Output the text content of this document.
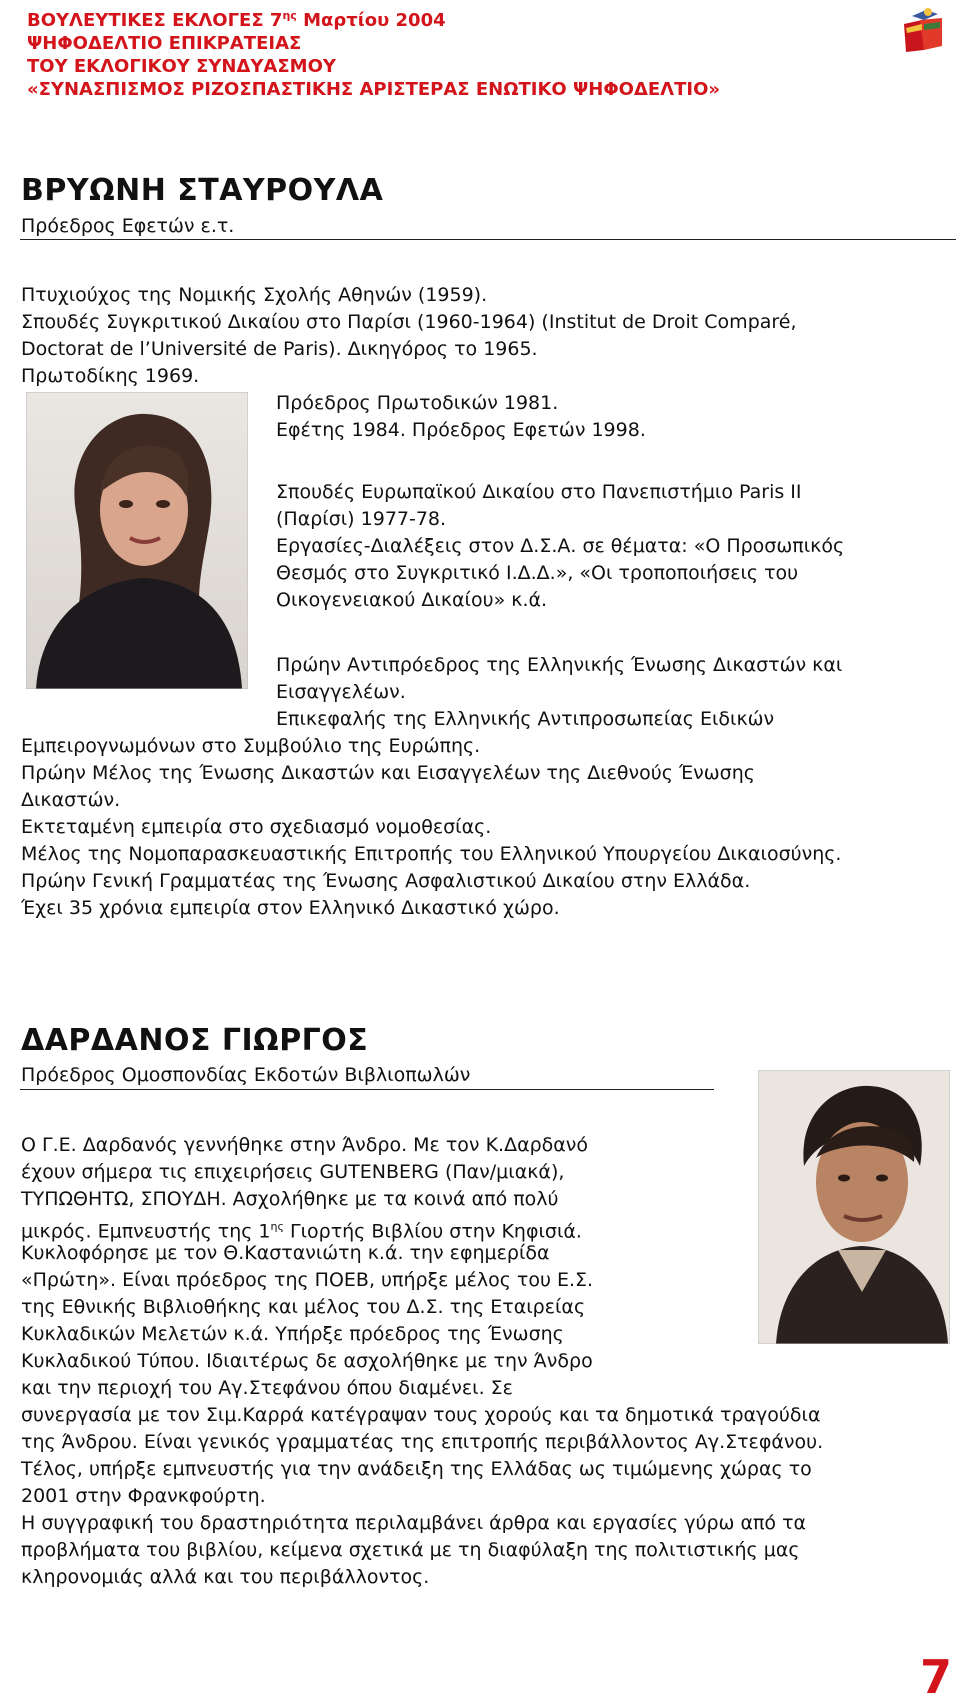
ΒΟΥΛΕΥΤΙΚΕΣ ΕΚΛΟΓΕΣ $7^{\eta\varsigma}$ Μαρτίου 2004
ΨΗΦΟΔΕΛΤΙΟ ΕΠΙΚΡΑΤΕΙΑΣ
ΤΟΥ ΕΚΛΟΓΙΚΟΥ ΣΥΝΔΥΑΣΜΟΥ
«ΣΥΝΑΣΠΙΣΜΟΣ ΡΙΖΟΣΠΑΣΤΙΚΗΣ ΑΡΙΣΤΕΡΑΣ ΕΝΩΤΙΚΟ ΨΗΦΟΔΕΛΤΙΟ»
ΒΡΥΩΝΗ ΣΤΑΥΡΟΥΛΑ
Πρόεδρος Εφετών ε.τ.
Πτυχιούχος της Νομικής Σχολής Αθηνών (1959).
Σπουδές Συγκριτικού Δικαίου στο Παρίσι (1960-1964) (Institut de Droit Comparé,
Doctorat de l’Université de Paris). Δικηγόρος το 1965.
Πρωτοδίκης 1969.
Πρόεδρος Πρωτοδικών 1981.
Εφέτης 1984. Πρόεδρος Εφετών 1998.
Σπουδές Ευρωπαϊκού Δικαίου στο Πανεπιστήμιο Paris II
(Παρίσι) 1977-78.
Εργασίες-Διαλέξεις στον Δ.Σ.Α. σε θέματα: «Ο Προσωπικός
Θεσμός στο Συγκριτικό Ι.Δ.Δ.», «Οι τροποποιήσεις του
Οικογενειακού Δικαίου» κ.ά.
Πρώην Αντιπρόεδρος της Ελληνικής Ένωσης Δικαστών και
Εισαγγελέων.
Επικεφαλής της Ελληνικής Αντιπροσωπείας Ειδικών
Εμπειρογνωμόνων στο Συμβούλιο της Ευρώπης.
Πρώην Μέλος της Ένωσης Δικαστών και Εισαγγελέων της Διεθνούς Ένωσης
Δικαστών.
Εκτεταμένη εμπειρία στο σχεδιασμό νομοθεσίας.
Μέλος της Νομοπαρασκευαστικής Επιτροπής του Ελληνικού Υπουργείου Δικαιοσύνης.
Πρώην Γενική Γραμματέας της Ένωσης Ασφαλιστικού Δικαίου στην Ελλάδα.
Έχει 35 χρόνια εμπειρία στον Ελληνικό Δικαστικό χώρο.
ΔΑΡΔΑΝΟΣ ΓΙΩΡΓΟΣ
Πρόεδρος Ομοσπονδίας Εκδοτών Βιβλιοπωλών
Ο Γ.Ε. Δαρδανός γεννήθηκε στην Άνδρο. Με τον Κ.Δαρδανό
έχουν σήμερα τις επιχειρήσεις GUTENBERG (Παν/μιακά),
ΤΥΠΩΘΗΤΩ, ΣΠΟΥΔΗ. Ασχολήθηκε με τα κοινά από πολύ
μικρός. Εμπνευστής της $1^{\eta\varsigma}$ Γιορτής Βιβλίου στην Κηφισιά.
Κυκλοφόρησε με τον Θ.Καστανιώτη κ.ά. την εφημερίδα
«Πρώτη». Είναι πρόεδρος της ΠΟΕΒ, υπήρξε μέλος του Ε.Σ.
της Εθνικής Βιβλιοθήκης και μέλος του Δ.Σ. της Εταιρείας
Κυκλαδικών Μελετών κ.ά. Υπήρξε πρόεδρος της Ένωσης
Κυκλαδικού Τύπου. Ιδιαιτέρως δε ασχολήθηκε με την Άνδρο
και την περιοχή του Αγ.Στεφάνου όπου διαμένει. Σε
συνεργασία με τον Σιμ.Καρρά κατέγραψαν τους χορούς και τα δημοτικά τραγούδια
της Άνδρου. Είναι γενικός γραμματέας της επιτροπής περιβάλλοντος Αγ.Στεφάνου.
Τέλος, υπήρξε εμπνευστής για την ανάδειξη της Ελλάδας ως τιμώμενης χώρας το
2001 στην Φρανκφούρτη.
Η συγγραφική του δραστηριότητα περιλαμβάνει άρθρα και εργασίες γύρω από τα
προβλήματα του βιβλίου, κείμενα σχετικά με τη διαφύλαξη της πολιτιστικής μας
κληρονομιάς αλλά και του περιβάλλοντος.
7
